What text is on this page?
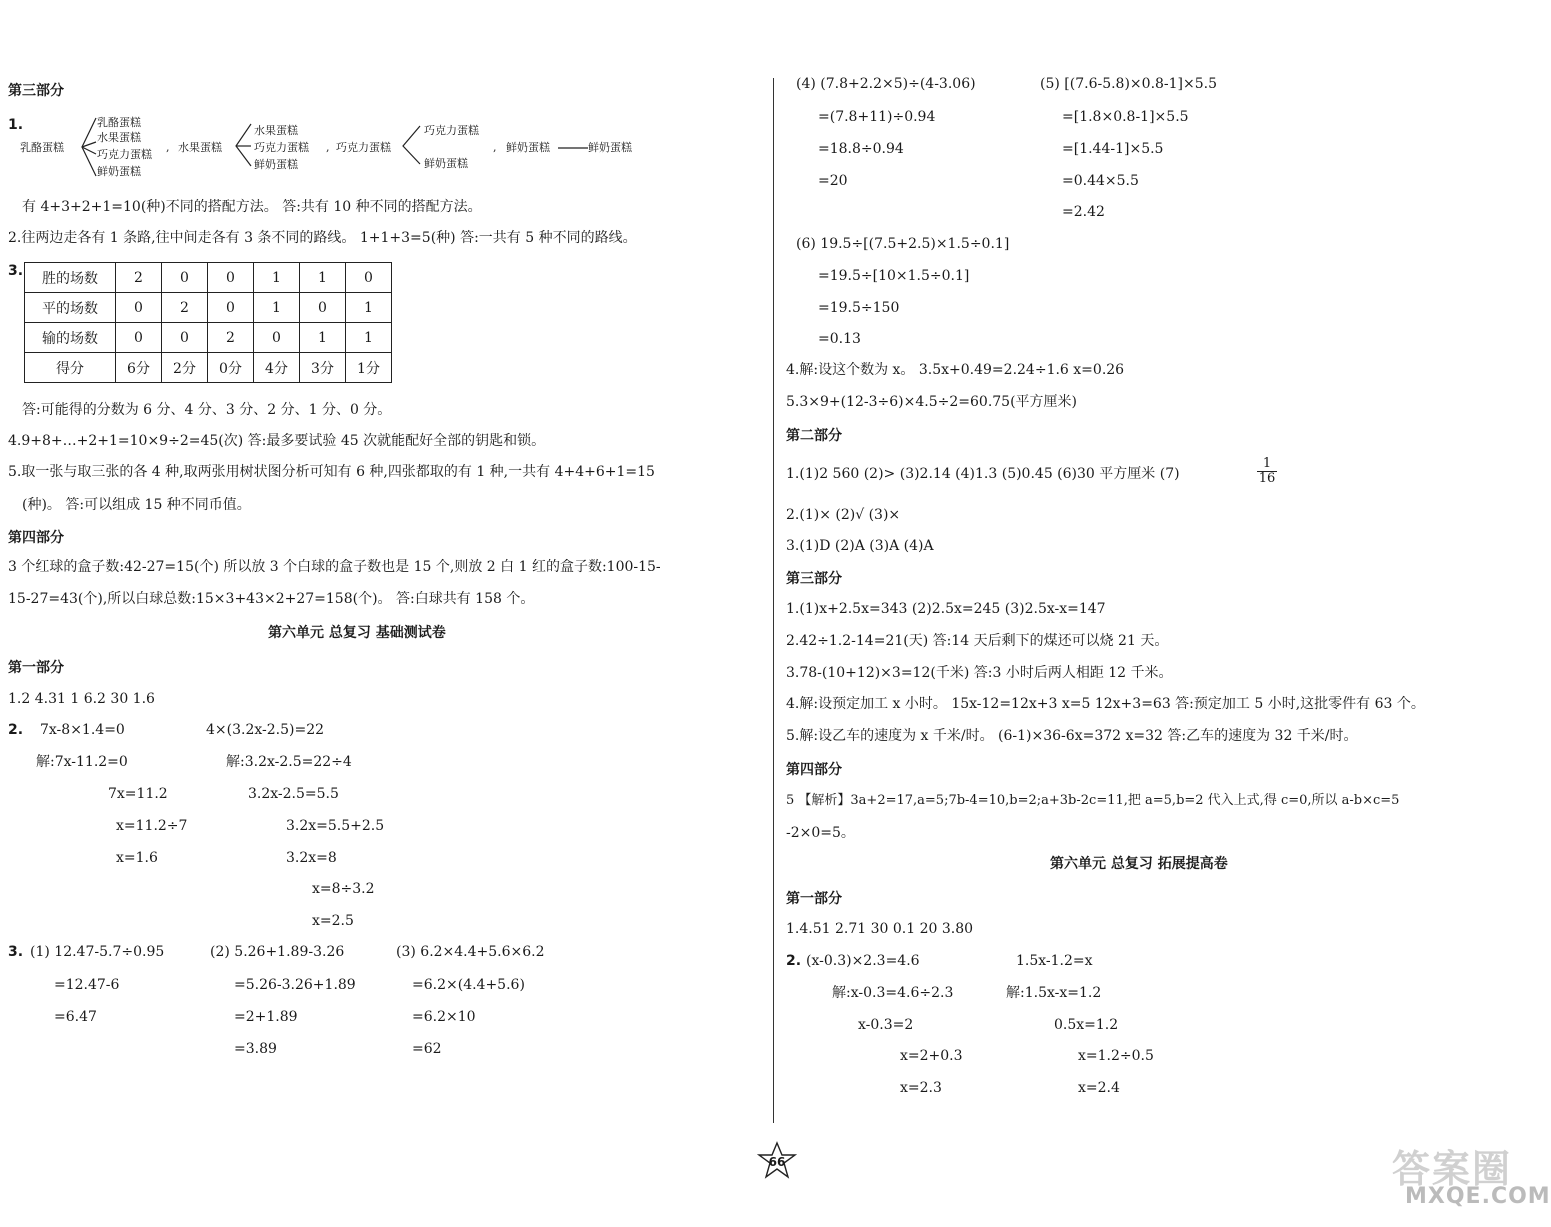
第三部分
1.
乳酪蛋糕
乳酪蛋糕
水果蛋糕
巧克力蛋糕
鲜奶蛋糕
, 水果蛋糕
水果蛋糕
巧克力蛋糕
鲜奶蛋糕
, 巧克力蛋糕
巧克力蛋糕
鲜奶蛋糕
, 鲜奶蛋糕	鲜奶蛋糕
有 4+3+2+1=10(种)不同的搭配方法。 答:共有 10 种不同的搭配方法。
2.往两边走各有 1 条路,往中间走各有 3 条不同的路线。 1+1+3=5(种) 答:一共有 5 种不同的路线。
3. 胜的场数	2	0	0	1	1	0
平的场数	0	2	0	1	0	1
输的场数	0	0	2	0	1	1
得分	6分	2分	0分	4分	3分	1分
答:可能得的分数为 6 分、4 分、3 分、2 分、1 分、0 分。
4.9+8+…+2+1=10×9÷2=45(次) 答:最多要试验 45 次就能配好全部的钥匙和锁。
5.取一张与取三张的各 4 种,取两张用树状图分析可知有 6 种,四张都取的有 1 种,一共有 4+4+6+1=15
(种)。 答:可以组成 15 种不同币值。
第四部分
3 个红球的盒子数:42-27=15(个) 所以放 3 个白球的盒子数也是 15 个,则放 2 白 1 红的盒子数:100-15-
15-27=43(个),所以白球总数:15×3+43×2+27=158(个)。 答:白球共有 158 个。
第六单元 总复习 基础测试卷
第一部分
1.2 4.31 1 6.2 30 1.6
2. 7x-8×1.4=0
解:7x-11.2=0
7x=11.2
x=11.2÷7
x=1.6
4×(3.2x-2.5)=22
解:3.2x-2.5=22÷4
3.2x-2.5=5.5
3.2x=5.5+2.5
3.2x=8
x=8÷3.2
x=2.5
3. (1) 12.47-5.7÷0.95
=12.47-6
=6.47
(2) 5.26+1.89-3.26
=5.26-3.26+1.89
=2+1.89
=3.89
(3) 6.2×4.4+5.6×6.2
=6.2×(4.4+5.6)
=6.2×10
=62
(4) (7.8+2.2×5)÷(4-3.06)
=(7.8+11)÷0.94
=18.8÷0.94
=20
(5) [(7.6-5.8)×0.8-1]×5.5
=[1.8×0.8-1]×5.5
=[1.44-1]×5.5
=0.44×5.5
=2.42
(6) 19.5÷[(7.5+2.5)×1.5÷0.1]
=19.5÷[10×1.5÷0.1]
=19.5÷150
=0.13
4.解:设这个数为 x。 3.5x+0.49=2.24÷1.6 x=0.26
5.3×9+(12-3÷6)×4.5÷2=60.75(平方厘米)
第二部分
1.(1)2 560 (2)> (3)2.14 (4)1.3 (5)0.45 (6)30 平方厘米 (7)	$\frac{1}{16}$
2.(1)× (2)√ (3)×
3.(1)D (2)A (3)A (4)A
第三部分
1.(1)x+2.5x=343 (2)2.5x=245 (3)2.5x-x=147
2.42÷1.2-14=21(天) 答:14 天后剩下的煤还可以烧 21 天。
3.78-(10+12)×3=12(千米) 答:3 小时后两人相距 12 千米。
4.解:设预定加工 x 小时。 15x-12=12x+3 x=5 12x+3=63 答:预定加工 5 小时,这批零件有 63 个。
5.解:设乙车的速度为 x 千米/时。 (6-1)×36-6x=372 x=32 答:乙车的速度为 32 千米/时。
第四部分
5 【解析】3a+2=17,a=5;7b-4=10,b=2;a+3b-2c=11,把 a=5,b=2 代入上式,得 c=0,所以 a-b×c=5
-2×0=5。
第六单元 总复习 拓展提高卷
第一部分
1.4.51 2.71 30 0.1 20 3.80
2. (x-0.3)×2.3=4.6
解:x-0.3=4.6÷2.3
x-0.3=2
x=2+0.3
x=2.3
1.5x-1.2=x
解:1.5x-x=1.2
0.5x=1.2
x=1.2÷0.5
x=2.4
66	答案圈
MXQE.COM
